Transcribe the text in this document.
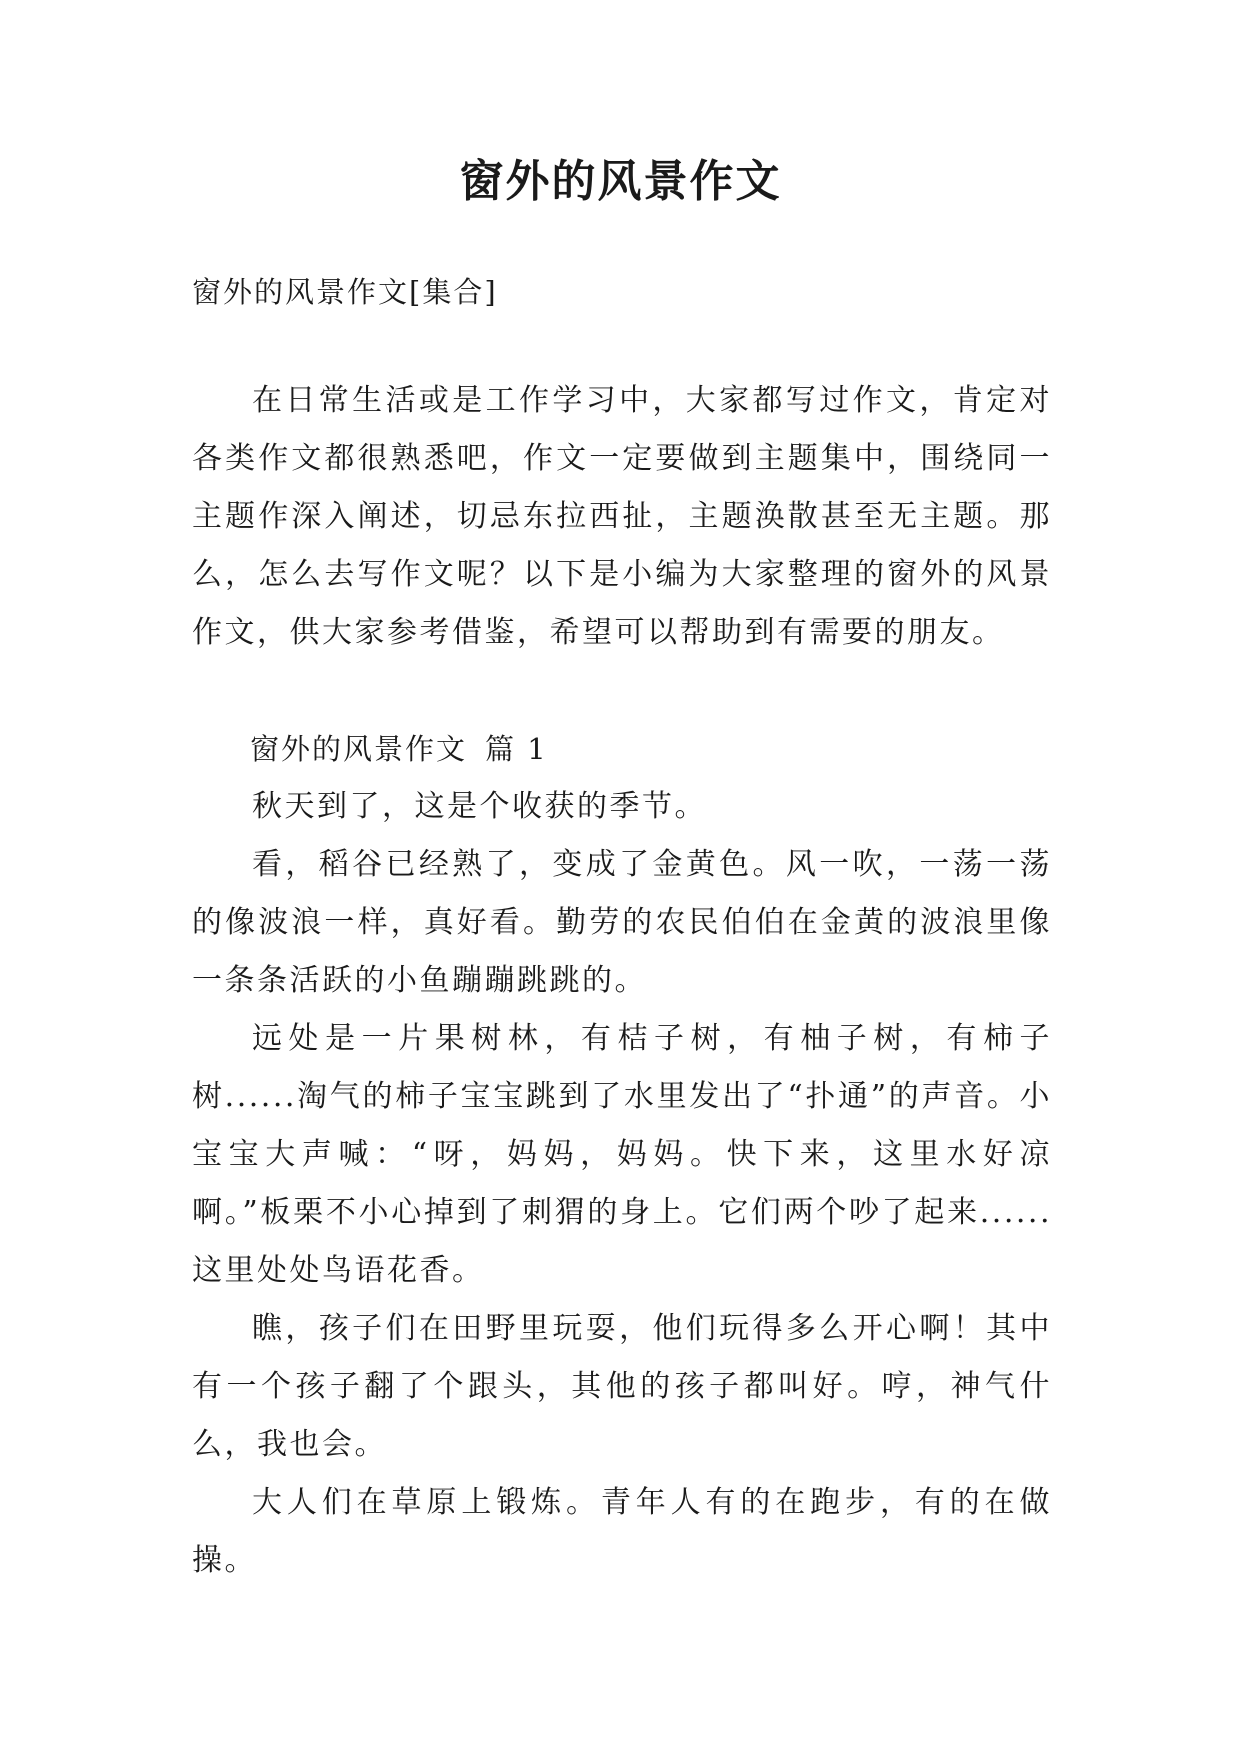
窗外的风景作文

窗外的风景作文[集合]

在日常生活或是工作学习中，大家都写过作文，肯定对各类作文都很熟悉吧，作文一定要做到主题集中，围绕同一主题作深入阐述，切忌东拉西扯，主题涣散甚至无主题。那么，怎么去写作文呢？以下是小编为大家整理的窗外的风景作文，供大家参考借鉴，希望可以帮助到有需要的朋友。

窗外的风景作文 篇 1

秋天到了，这是个收获的季节。

看，稻谷已经熟了，变成了金黄色。风一吹，一荡一荡的像波浪一样，真好看。勤劳的农民伯伯在金黄的波浪里像一条条活跃的小鱼蹦蹦跳跳的。

远处是一片果树林，有桔子树，有柚子树，有柿子树......淘气的柿子宝宝跳到了水里发出了“扑通”的声音。小宝宝大声喊：“呀，妈妈，妈妈。快下来，这里水好凉啊。”板栗不小心掉到了刺猬的身上。它们两个吵了起来......这里处处鸟语花香。

瞧，孩子们在田野里玩耍，他们玩得多么开心啊！其中有一个孩子翻了个跟头，其他的孩子都叫好。哼，神气什么，我也会。

大人们在草原上锻炼。青年人有的在跑步，有的在做操。
